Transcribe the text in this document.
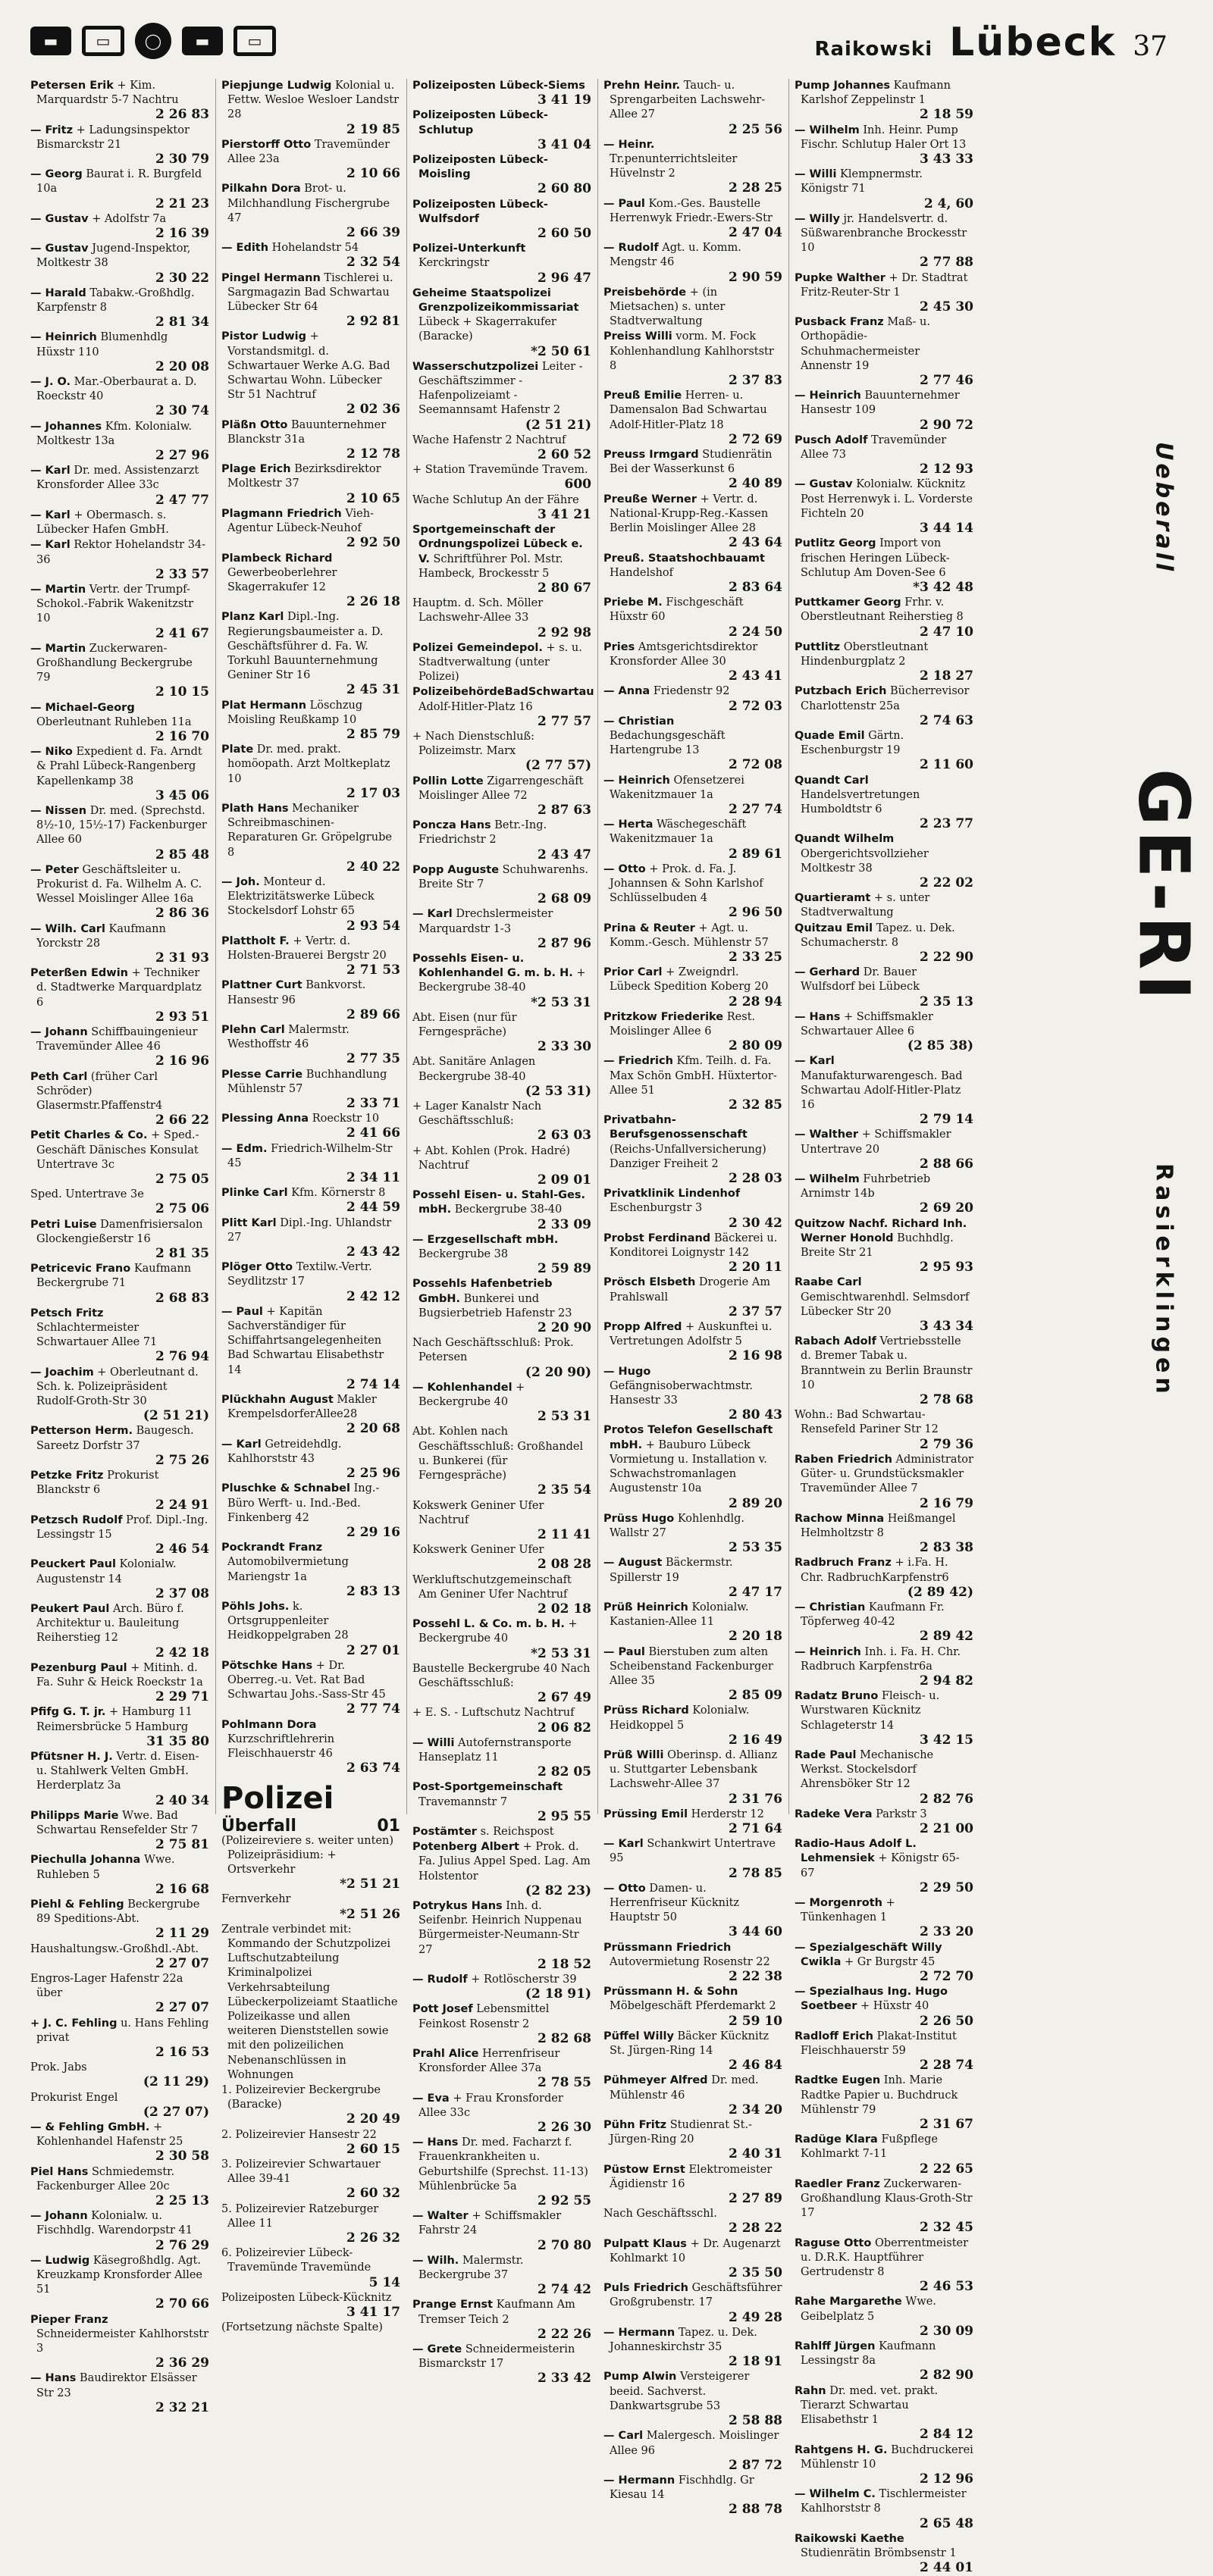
▬	▭	◯	▬	▭	Raikowski Lübeck 37

Petersen Erik + Kim. Marquardstr 5-7 Nachtru
2 26 83

— Fritz + Ladungsinspektor Bismarckstr 21
2 30 79

— Georg Baurat i. R. Burgfeld 10a
2 21 23

— Gustav + Adolfstr 7a
2 16 39

— Gustav Jugend-Inspektor, Moltkestr 38
2 30 22

— Harald Tabakw.-Großhdlg. Karpfenstr 8
2 81 34

— Heinrich Blumenhdlg Hüxstr 110
2 20 08

— J. O. Mar.-Oberbaurat a. D. Roeckstr 40
2 30 74

— Johannes Kfm. Kolonialw. Moltkestr 13a
2 27 96

— Karl Dr. med. Assistenzarzt Kronsforder Allee 33c
2 47 77

— Karl + Obermasch. s. Lübecker Hafen GmbH.

— Karl Rektor Hohelandstr 34-36
2 33 57

— Martin Vertr. der Trumpf-Schokol.-Fabrik Wakenitzstr 10
2 41 67

— Martin Zuckerwaren-Großhandlung Beckergrube 79
2 10 15

— Michael-Georg Oberleutnant Ruhleben 11a
2 16 70

— Niko Expedient d. Fa. Arndt & Prahl Lübeck-Rangenberg Kapellenkamp 38
3 45 06

— Nissen Dr. med. (Sprechstd. 8½-10, 15½-17) Fackenburger Allee 60
2 85 48

— Peter Geschäftsleiter u. Prokurist d. Fa. Wilhelm A. C. Wessel Moislinger Allee 16a
2 86 36

— Wilh. Carl Kaufmann Yorckstr 28
2 31 93

Peterßen Edwin + Techniker d. Stadtwerke Marquardplatz 6
2 93 51

— Johann Schiffbauingenieur Travemünder Allee 46
2 16 96

Peth Carl (früher Carl Schröder) Glasermstr.Pfaffenstr4
2 66 22

Petit Charles & Co. + Sped.-Geschäft Dänisches Konsulat Untertrave 3c
2 75 05

Sped. Untertrave 3e
2 75 06

Petri Luise Damenfrisiersalon Glockengießerstr 16
2 81 35

Petricevic Frano Kaufmann Beckergrube 71
2 68 83

Petsch Fritz Schlachtermeister Schwartauer Allee 71
2 76 94

— Joachim + Oberleutnant d. Sch. k. Polizeipräsident Rudolf-Groth-Str 30
(2 51 21)

Petterson Herm. Baugesch. Sareetz Dorfstr 37
2 75 26

Petzke Fritz Prokurist Blanckstr 6
2 24 91

Petzsch Rudolf Prof. Dipl.-Ing. Lessingstr 15
2 46 54

Peuckert Paul Kolonialw. Augustenstr 14
2 37 08

Peukert Paul Arch. Büro f. Architektur u. Bauleitung Reiherstieg 12
2 42 18

Pezenburg Paul + Mitinh. d. Fa. Suhr & Heick Roeckstr 1a
2 29 71

Pfifg G. T. jr. + Hamburg 11 Reimersbrücke 5 Hamburg
31 35 80

Pfütsner H. J. Vertr. d. Eisen- u. Stahlwerk Velten GmbH. Herderplatz 3a
2 40 34

Philipps Marie Wwe. Bad Schwartau Rensefelder Str 7
2 75 81

Piechulla Johanna Wwe. Ruhleben 5
2 16 68

Piehl & Fehling Beckergrube 89 Speditions-Abt.
2 11 29

Haushaltungsw.-Großhdl.-Abt.
2 27 07

Engros-Lager Hafenstr 22a über
2 27 07

+ J. C. Fehling u. Hans Fehling privat
2 16 53

Prok. Jabs
(2 11 29)

Prokurist Engel
(2 27 07)

— & Fehling GmbH. + Kohlenhandel Hafenstr 25
2 30 58

Piel Hans Schmiedemstr. Fackenburger Allee 20c
2 25 13

— Johann Kolonialw. u. Fischhdlg. Warendorpstr 41
2 76 29

— Ludwig Käsegroßhdlg. Agt. Kreuzkamp Kronsforder Allee 51
2 70 66

Pieper Franz Schneidermeister Kahlhorststr 3
2 36 29

— Hans Baudirektor Elsässer Str 23
2 32 21

Piepjunge Ludwig Kolonial u. Fettw. Wesloe Wesloer Landstr 28
2 19 85

Pierstorff Otto Travemünder Allee 23a
2 10 66

Pilkahn Dora Brot- u. Milchhandlung Fischergrube 47
2 66 39

— Edith Hohelandstr 54
2 32 54

Pingel Hermann Tischlerei u. Sargmagazin Bad Schwartau Lübecker Str 64
2 92 81

Pistor Ludwig + Vorstandsmitgl. d. Schwartauer Werke A.G. Bad Schwartau Wohn. Lübecker Str 51 Nachtruf
2 02 36

Pläßn Otto Bauunternehmer Blanckstr 31a
2 12 78

Plage Erich Bezirksdirektor Moltkestr 37
2 10 65

Plagmann Friedrich Vieh-Agentur Lübeck-Neuhof
2 92 50

Plambeck Richard Gewerbeoberlehrer Skagerrakufer 12
2 26 18

Planz Karl Dipl.-Ing. Regierungsbaumeister a. D. Geschäftsführer d. Fa. W. Torkuhl Bauunternehmung Geniner Str 16
2 45 31

Plat Hermann Löschzug Moisling Reußkamp 10
2 85 79

Plate Dr. med. prakt. homöopath. Arzt Moltkeplatz 10
2 17 03

Plath Hans Mechaniker Schreibmaschinen-Reparaturen Gr. Gröpelgrube 8
2 40 22

— Joh. Monteur d. Elektrizitätswerke Lübeck Stockelsdorf Lohstr 65
2 93 54

Plattholt F. + Vertr. d. Holsten-Brauerei Bergstr 20
2 71 53

Plattner Curt Bankvorst. Hansestr 96
2 89 66

Plehn Carl Malermstr. Westhoffstr 46
2 77 35

Plesse Carrie Buchhandlung Mühlenstr 57
2 33 71

Plessing Anna Roeckstr 10
2 41 66

— Edm. Friedrich-Wilhelm-Str 45
2 34 11

Plinke Carl Kfm. Körnerstr 8
2 44 59

Plitt Karl Dipl.-Ing. Uhlandstr 27
2 43 42

Plöger Otto Textilw.-Vertr. Seydlitzstr 17
2 42 12

— Paul + Kapitän Sachverständiger für Schiffahrtsangelegenheiten Bad Schwartau Elisabethstr 14
2 74 14

Plückhahn August Makler KrempelsdorferAllee28
2 20 68

— Karl Getreidehdlg. Kahlhorststr 43
2 25 96

Pluschke & Schnabel Ing.-Büro Werft- u. Ind.-Bed. Finkenberg 42
2 29 16

Pockrandt Franz Automobilvermietung Mariengstr 1a
2 83 13

Pöhls Johs. k. Ortsgruppenleiter Heidkoppelgraben 28
2 27 01

Pötschke Hans + Dr. Oberreg.-u. Vet. Rat Bad Schwartau Johs.-Sass-Str 45
2 77 74

Pohlmann Dora Kurzschriftlehrerin Fleischhauerstr 46
2 63 74

Polizei
Überfall	01

(Polizeireviere s. weiter unten) Polizeipräsidium: + Ortsverkehr
*2 51 21

Fernverkehr
*2 51 26

Zentrale verbindet mit: Kommando der Schutzpolizei Luftschutzabteilung Kriminalpolizei Verkehrsabteilung Lübeckerpolizeiamt Staatliche Polizeikasse und allen weiteren Dienststellen sowie mit den polizeilichen Nebenanschlüssen in Wohnungen

1. Polizeirevier Beckergrube (Baracke)
2 20 49

2. Polizeirevier Hansestr 22
2 60 15

3. Polizeirevier Schwartauer Allee 39-41
2 60 32

5. Polizeirevier Ratzeburger Allee 11
2 26 32

6. Polizeirevier Lübeck-Travemünde Travemünde
5 14

Polizeiposten Lübeck-Kücknitz
3 41 17

(Fortsetzung nächste Spalte)

Polizeiposten Lübeck-Siems
3 41 19

Polizeiposten Lübeck-Schlutup
3 41 04

Polizeiposten Lübeck-Moisling
2 60 80

Polizeiposten Lübeck-Wulfsdorf
2 60 50

Polizei-Unterkunft Kerckringstr
2 96 47

Geheime Staatspolizei Grenzpolizeikommissariat Lübeck + Skagerrakufer (Baracke)
*2 50 61

Wasserschutzpolizei Leiter - Geschäftszimmer - Hafenpolizeiamt - Seemannsamt Hafenstr 2
(2 51 21)

Wache Hafenstr 2 Nachtruf
2 60 52

+ Station Travemünde Travem.
600

Wache Schlutup An der Fähre
3 41 21

Sportgemeinschaft der Ordnungspolizei Lübeck e. V. Schriftführer Pol. Mstr. Hambeck, Brockesstr 5
2 80 67

Hauptm. d. Sch. Möller Lachswehr-Allee 33
2 92 98

Polizei Gemeindepol. + s. u. Stadtverwaltung (unter Polizei)

PolizeibehördeBadSchwartau Adolf-Hitler-Platz 16
2 77 57

+ Nach Dienstschluß: Polizeimstr. Marx
(2 77 57)

Pollin Lotte Zigarrengeschäft Moislinger Allee 72
2 87 63

Poncza Hans Betr.-Ing. Friedrichstr 2
2 43 47

Popp Auguste Schuhwarenhs. Breite Str 7
2 68 09

— Karl Drechslermeister Marquardstr 1-3
2 87 96

Possehls Eisen- u. Kohlenhandel G. m. b. H. + Beckergrube 38-40
*2 53 31

Abt. Eisen (nur für Ferngespräche)
2 33 30

Abt. Sanitäre Anlagen Beckergrube 38-40
(2 53 31)

+ Lager Kanalstr Nach Geschäftsschluß:
2 63 03

+ Abt. Kohlen (Prok. Hadré) Nachtruf
2 09 01

Possehl Eisen- u. Stahl-Ges. mbH. Beckergrube 38-40
2 33 09

— Erzgesellschaft mbH. Beckergrube 38
2 59 89

Possehls Hafenbetrieb GmbH. Bunkerei und Bugsierbetrieb Hafenstr 23
2 20 90

Nach Geschäftsschluß: Prok. Petersen
(2 20 90)

— Kohlenhandel + Beckergrube 40
2 53 31

Abt. Kohlen nach Geschäftsschluß: Großhandel u. Bunkerei (für Ferngespräche)
2 35 54

Kokswerk Geniner Ufer Nachtruf
2 11 41

Kokswerk Geniner Ufer
2 08 28

Werkluftschutzgemeinschaft Am Geniner Ufer Nachtruf
2 02 18

Possehl L. & Co. m. b. H. + Beckergrube 40
*2 53 31

Baustelle Beckergrube 40 Nach Geschäftsschluß:
2 67 49

+ E. S. - Luftschutz Nachtruf
2 06 82

— Willi Autofernstransporte Hanseplatz 11
2 82 05

Post-Sportgemeinschaft Travemannstr 7
2 95 55

Postämter s. Reichspost

Potenberg Albert + Prok. d. Fa. Julius Appel Sped. Lag. Am Holstentor
(2 82 23)

Potrykus Hans Inh. d. Seifenbr. Heinrich Nuppenau Bürgermeister-Neumann-Str 27
2 18 52

— Rudolf + Rotlöscherstr 39
(2 18 91)

Pott Josef Lebensmittel Feinkost Rosenstr 2
2 82 68

Prahl Alice Herrenfriseur Kronsforder Allee 37a
2 78 55

— Eva + Frau Kronsforder Allee 33c
2 26 30

— Hans Dr. med. Facharzt f. Frauenkrankheiten u. Geburtshilfe (Sprechst. 11-13) Mühlenbrücke 5a
2 92 55

— Walter + Schiffsmakler Fahrstr 24
2 70 80

— Wilh. Malermstr. Beckergrube 37
2 74 42

Prange Ernst Kaufmann Am Tremser Teich 2
2 22 26

— Grete Schneidermeisterin Bismarckstr 17
2 33 42

Prehn Heinr. Tauch- u. Sprengarbeiten Lachswehr-Allee 27
2 25 56

— Heinr. Tr.penunterrichtsleiter Hüvelnstr 2
2 28 25

— Paul Kom.-Ges. Baustelle Herrenwyk Friedr.-Ewers-Str
2 47 04

— Rudolf Agt. u. Komm. Mengstr 46
2 90 59

Preisbehörde + (in Mietsachen) s. unter Stadtverwaltung

Preiss Willi vorm. M. Fock Kohlenhandlung Kahlhorststr 8
2 37 83

Preuß Emilie Herren- u. Damensalon Bad Schwartau Adolf-Hitler-Platz 18
2 72 69

Preuss Irmgard Studienrätin Bei der Wasserkunst 6
2 40 89

Preuße Werner + Vertr. d. National-Krupp-Reg.-Kassen Berlin Moislinger Allee 28
2 43 64

Preuß. Staatshochbauamt Handelshof
2 83 64

Priebe M. Fischgeschäft Hüxstr 60
2 24 50

Pries Amtsgerichtsdirektor Kronsforder Allee 30
2 43 41

— Anna Friedenstr 92
2 72 03

— Christian Bedachungsgeschäft Hartengrube 13
2 72 08

— Heinrich Ofensetzerei Wakenitzmauer 1a
2 27 74

— Herta Wäschegeschäft Wakenitzmauer 1a
2 89 61

— Otto + Prok. d. Fa. J. Johannsen & Sohn Karlshof Schlüsselbuden 4
2 96 50

Prina & Reuter + Agt. u. Komm.-Gesch. Mühlenstr 57
2 33 25

Prior Carl + Zweigndrl. Lübeck Spedition Koberg 20
2 28 94

Pritzkow Friederike Rest. Moislinger Allee 6
2 80 09

— Friedrich Kfm. Teilh. d. Fa. Max Schön GmbH. Hüxtertor-Allee 51
2 32 85

Privatbahn-Berufsgenossenschaft (Reichs-Unfallversicherung) Danziger Freiheit 2
2 28 03

Privatklinik Lindenhof Eschenburgstr 3
2 30 42

Probst Ferdinand Bäckerei u. Konditorei Loignystr 142
2 20 11

Prösch Elsbeth Drogerie Am Prahlswall
2 37 57

Propp Alfred + Auskunftei u. Vertretungen Adolfstr 5
2 16 98

— Hugo Gefängnisoberwachtmstr. Hansestr 33
2 80 43

Protos Telefon Gesellschaft mbH. + Bauburo Lübeck Vormietung u. Installation v. Schwachstromanlagen Augustenstr 10a
2 89 20

Prüss Hugo Kohlenhdlg. Wallstr 27
2 53 35

— August Bäckermstr. Spillerstr 19
2 47 17

Prüß Heinrich Kolonialw. Kastanien-Allee 11
2 20 18

— Paul Bierstuben zum alten Scheibenstand Fackenburger Allee 35
2 85 09

Prüss Richard Kolonialw. Heidkoppel 5
2 16 49

Prüß Willi Oberinsp. d. Allianz u. Stuttgarter Lebensbank Lachswehr-Allee 37
2 31 76

Prüssing Emil Herderstr 12
2 71 64

— Karl Schankwirt Untertrave 95
2 78 85

— Otto Damen- u. Herrenfriseur Kücknitz Hauptstr 50
3 44 60

Prüssmann Friedrich Autovermietung Rosenstr 22
2 22 38

Prüssmann H. & Sohn Möbelgeschäft Pferdemarkt 2
2 59 10

Püffel Willy Bäcker Kücknitz St. Jürgen-Ring 14
2 46 84

Pühmeyer Alfred Dr. med. Mühlenstr 46
2 34 20

Pühn Fritz Studienrat St.-Jürgen-Ring 20
2 40 31

Püstow Ernst Elektromeister Ägidienstr 16
2 27 89

Nach Geschäftsschl.
2 28 22

Pulpatt Klaus + Dr. Augenarzt Kohlmarkt 10
2 35 50

Puls Friedrich Geschäftsführer Großgrubenstr. 17
2 49 28

— Hermann Tapez. u. Dek. Johanneskirchstr 35
2 18 91

Pump Alwin Versteigerer beeid. Sachverst. Dankwartsgrube 53
2 58 88

— Carl Malergesch. Moislinger Allee 96
2 87 72

— Hermann Fischhdlg. Gr Kiesau 14
2 88 78

Pump Johannes Kaufmann Karlshof Zeppelinstr 1
2 18 59

— Wilhelm Inh. Heinr. Pump Fischr. Schlutup Haler Ort 13
3 43 33

— Willi Klempnermstr. Königstr 71
2 4, 60

— Willy jr. Handelsvertr. d. Süßwarenbranche Brockesstr 10
2 77 88

Pupke Walther + Dr. Stadtrat Fritz-Reuter-Str 1
2 45 30

Pusback Franz Maß- u. Orthopädie-Schuhmachermeister Annenstr 19
2 77 46

— Heinrich Bauunternehmer Hansestr 109
2 90 72

Pusch Adolf Travemünder Allee 73
2 12 93

— Gustav Kolonialw. Kücknitz Post Herrenwyk i. L. Vorderste Fichteln 20
3 44 14

Putlitz Georg Import von frischen Heringen Lübeck-Schlutup Am Doven-See 6
*3 42 48

Puttkamer Georg Frhr. v. Oberstleutnant Reiherstieg 8
2 47 10

Puttlitz Oberstleutnant Hindenburgplatz 2
2 18 27

Putzbach Erich Bücherrevisor Charlottenstr 25a
2 74 63

Quade Emil Gärtn. Eschenburgstr 19
2 11 60

Quandt Carl Handelsvertretungen Humboldtstr 6
2 23 77

Quandt Wilhelm Obergerichtsvollzieher Moltkestr 38
2 22 02

Quartieramt + s. unter Stadtverwaltung

Quitzau Emil Tapez. u. Dek. Schumacherstr. 8
2 22 90

— Gerhard Dr. Bauer Wulfsdorf bei Lübeck
2 35 13

— Hans + Schiffsmakler Schwartauer Allee 6
(2 85 38)

— Karl Manufakturwarengesch. Bad Schwartau Adolf-Hitler-Platz 16
2 79 14

— Walther + Schiffsmakler Untertrave 20
2 88 66

— Wilhelm Fuhrbetrieb Arnimstr 14b
2 69 20

Quitzow Nachf. Richard Inh. Werner Honold Buchhdlg. Breite Str 21
2 95 93

Raabe Carl Gemischtwarenhdl. Selmsdorf Lübecker Str 20
3 43 34

Rabach Adolf Vertriebsstelle d. Bremer Tabak u. Branntwein zu Berlin Braunstr 10
2 78 68

Wohn.: Bad Schwartau-Rensefeld Pariner Str 12
2 79 36

Raben Friedrich Administrator Güter- u. Grundstücksmakler Travemünder Allee 7
2 16 79

Rachow Minna Heißmangel Helmholtzstr 8
2 83 38

Radbruch Franz + i.Fa. H. Chr. RadbruchKarpfenstr6
(2 89 42)

— Christian Kaufmann Fr. Töpferweg 40-42
2 89 42

— Heinrich Inh. i. Fa. H. Chr. Radbruch Karpfenstr6a
2 94 82

Radatz Bruno Fleisch- u. Wurstwaren Kücknitz Schlageterstr 14
3 42 15

Rade Paul Mechanische Werkst. Stockelsdorf Ahrensböker Str 12
2 82 76

Radeke Vera Parkstr 3
2 21 00

Radio-Haus Adolf L. Lehmensiek + Königstr 65-67
2 29 50

— Morgenroth + Tünkenhagen 1
2 33 20

— Spezialgeschäft Willy Cwikla + Gr Burgstr 45
2 72 70

— Spezialhaus Ing. Hugo Soetbeer + Hüxstr 40
2 26 50

Radloff Erich Plakat-Institut Fleischhauerstr 59
2 28 74

Radtke Eugen Inh. Marie Radtke Papier u. Buchdruck Mühlenstr 79
2 31 67

Radüge Klara Fußpflege Kohlmarkt 7-11
2 22 65

Raedler Franz Zuckerwaren-Großhandlung Klaus-Groth-Str 17
2 32 45

Raguse Otto Oberrentmeister u. D.R.K. Hauptführer Gertrudenstr 8
2 46 53

Rahe Margarethe Wwe. Geibelplatz 5
2 30 09

Rahlff Jürgen Kaufmann Lessingstr 8a
2 82 90

Rahn Dr. med. vet. prakt. Tierarzt Schwartau Elisabethstr 1
2 84 12

Rahtgens H. G. Buchdruckerei Mühlenstr 10
2 12 96

— Wilhelm C. Tischlermeister Kahlhorststr 8
2 65 48

Raikowski Kaethe Studienrätin Brömbsenstr 1
2 44 01

Ueberall
GE-RI
Rasierklingen
